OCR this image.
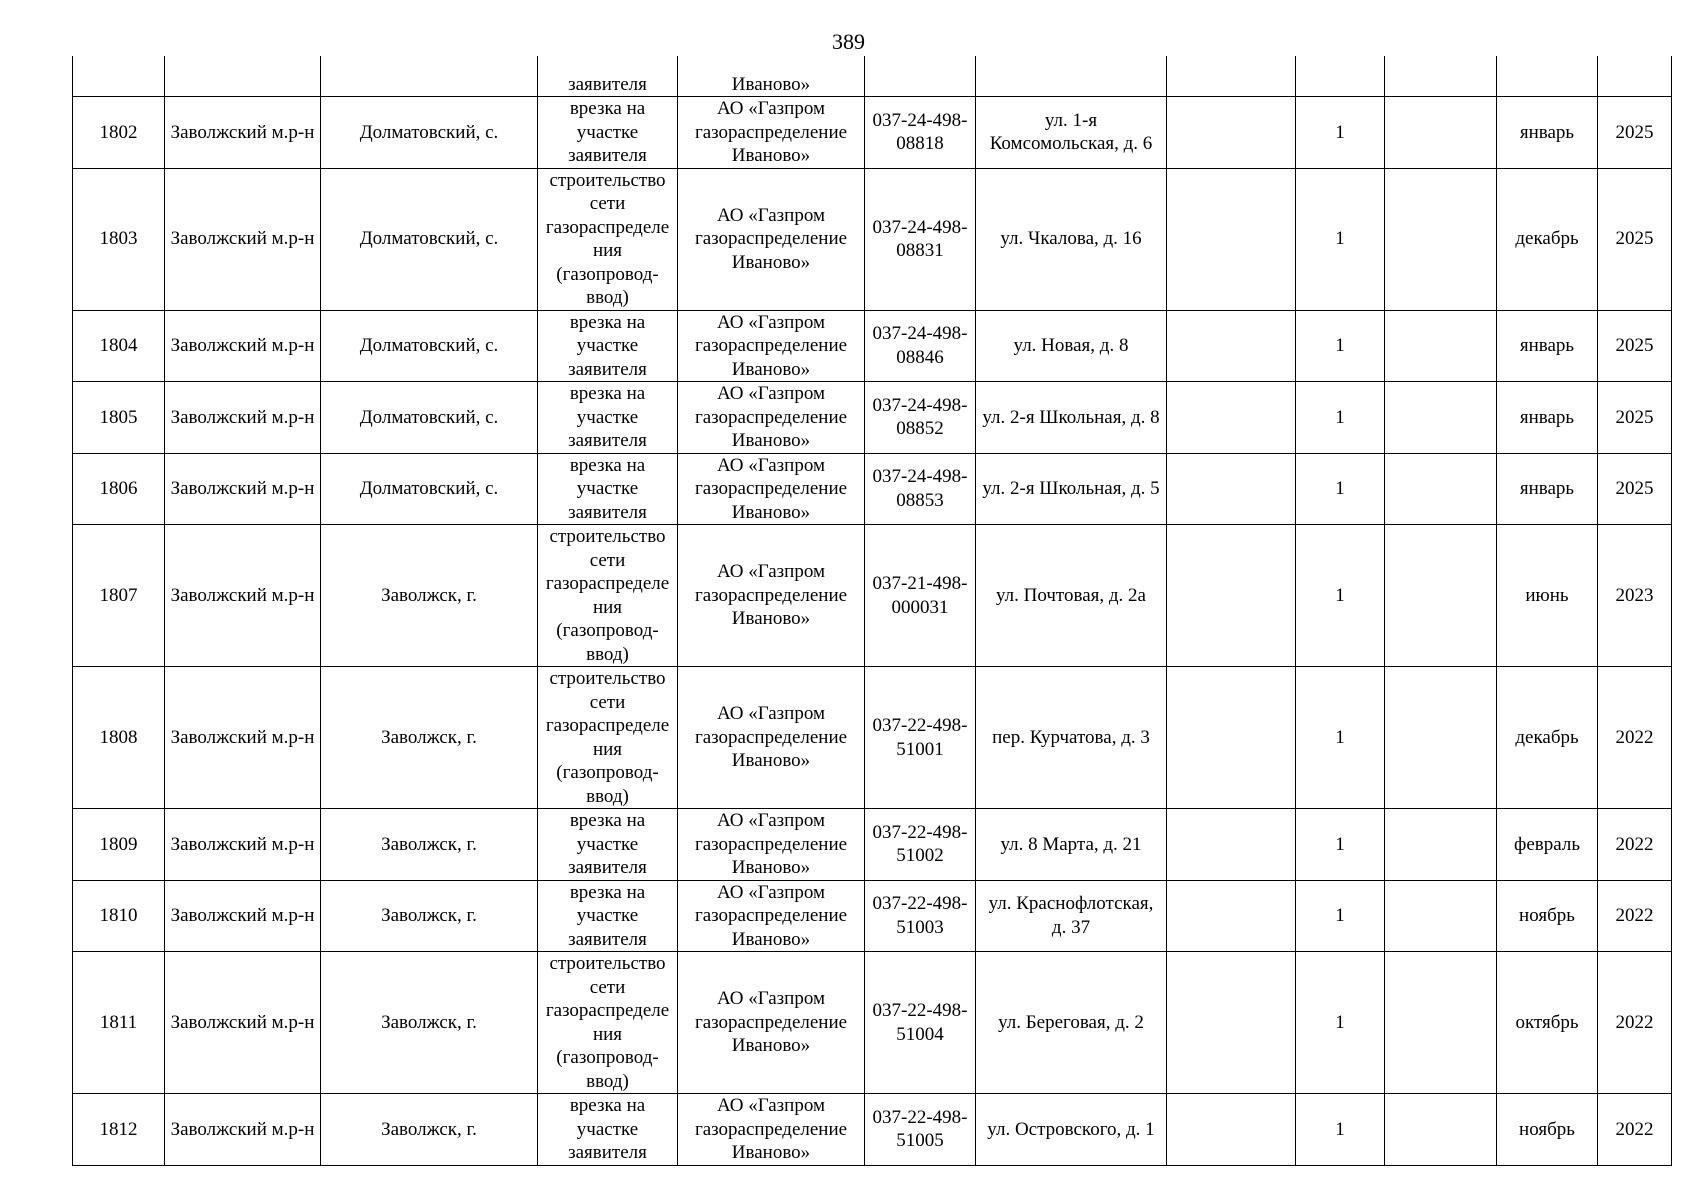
389
			заявителя	Иваново»							
1802	Заволжский м.р-н	Долматовский, с.	врезка на участке заявителя	АО «Газпром газораспределение Иваново»	037-24-498-08818	ул. 1-я Комсомольская, д. 6		1		январь	2025
1803	Заволжский м.р-н	Долматовский, с.	строительство сети газораспределения (газопровод-ввод)	АО «Газпром газораспределение Иваново»	037-24-498-08831	ул. Чкалова, д. 16		1		декабрь	2025
1804	Заволжский м.р-н	Долматовский, с.	врезка на участке заявителя	АО «Газпром газораспределение Иваново»	037-24-498-08846	ул. Новая, д. 8		1		январь	2025
1805	Заволжский м.р-н	Долматовский, с.	врезка на участке заявителя	АО «Газпром газораспределение Иваново»	037-24-498-08852	ул. 2-я Школьная, д. 8		1		январь	2025
1806	Заволжский м.р-н	Долматовский, с.	врезка на участке заявителя	АО «Газпром газораспределение Иваново»	037-24-498-08853	ул. 2-я Школьная, д. 5		1		январь	2025
1807	Заволжский м.р-н	Заволжск, г.	строительство сети газораспределения (газопровод-ввод)	АО «Газпром газораспределение Иваново»	037-21-498-000031	ул. Почтовая, д. 2а		1		июнь	2023
1808	Заволжский м.р-н	Заволжск, г.	строительство сети газораспределения (газопровод-ввод)	АО «Газпром газораспределение Иваново»	037-22-498-51001	пер. Курчатова, д. 3		1		декабрь	2022
1809	Заволжский м.р-н	Заволжск, г.	врезка на участке заявителя	АО «Газпром газораспределение Иваново»	037-22-498-51002	ул. 8 Марта, д. 21		1		февраль	2022
1810	Заволжский м.р-н	Заволжск, г.	врезка на участке заявителя	АО «Газпром газораспределение Иваново»	037-22-498-51003	ул. Краснофлотская, д. 37		1		ноябрь	2022
1811	Заволжский м.р-н	Заволжск, г.	строительство сети газораспределения (газопровод-ввод)	АО «Газпром газораспределение Иваново»	037-22-498-51004	ул. Береговая, д. 2		1		октябрь	2022
1812	Заволжский м.р-н	Заволжск, г.	врезка на участке заявителя	АО «Газпром газораспределение Иваново»	037-22-498-51005	ул. Островского, д. 1		1		ноябрь	2022
